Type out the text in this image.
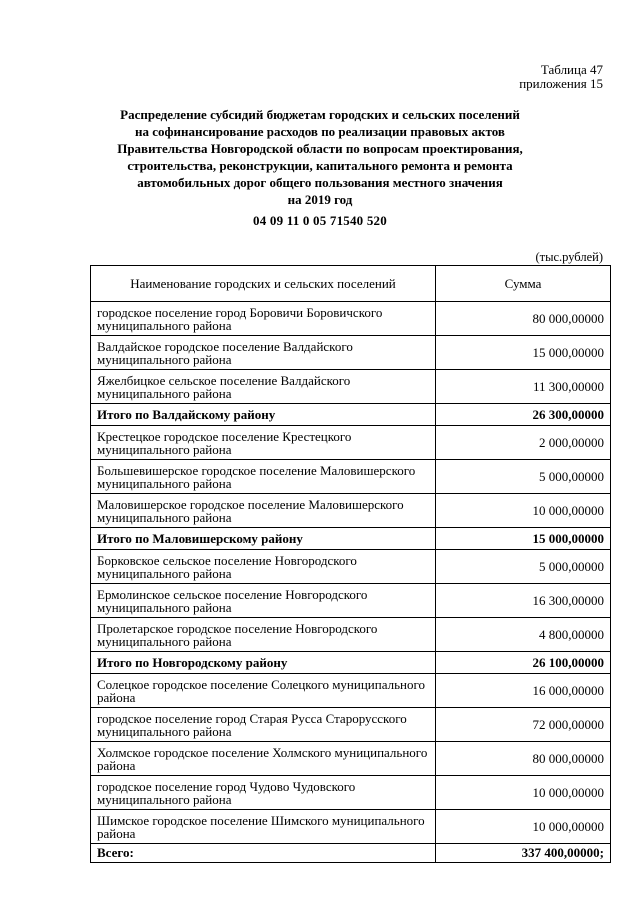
Таблица 47
приложения 15
Распределение субсидий бюджетам городских и сельских поселений
на софинансирование расходов по реализации правовых актов
Правительства Новгородской области по вопросам проектирования,
строительства, реконструкции, капитального ремонта и ремонта
автомобильных дорог общего пользования местного значения
на 2019 год
04 09 11 0 05 71540 520
(тыс.рублей)
Наименование городских и сельских поселений	Сумма
городское поселение город Боровичи Боровичского муниципального района	80 000,00000
Валдайское городское поселение Валдайского муниципального района	15 000,00000
Яжелбицкое сельское поселение Валдайского муниципального района	11 300,00000
Итого по Валдайскому району	26 300,00000
Крестецкое городское поселение Крестецкого муниципального района	2 000,00000
Большевишерское городское поселение Маловишерского муниципального района	5 000,00000
Маловишерское городское поселение Маловишерского муниципального района	10 000,00000
Итого по Маловишерскому району	15 000,00000
Борковское сельское поселение Новгородского муниципального района	5 000,00000
Ермолинское сельское поселение Новгородского муниципального района	16 300,00000
Пролетарское городское поселение Новгородского муниципального района	4 800,00000
Итого по Новгородскому району	26 100,00000
Солецкое городское поселение Солецкого муниципального района	16 000,00000
городское поселение город Старая Русса Старорусского муниципального района	72 000,00000
Холмское городское поселение Холмского муниципального района	80 000,00000
городское поселение город Чудово Чудовского муниципального района	10 000,00000
Шимское городское поселение Шимского муниципального района	10 000,00000
Всего:	337 400,00000;
